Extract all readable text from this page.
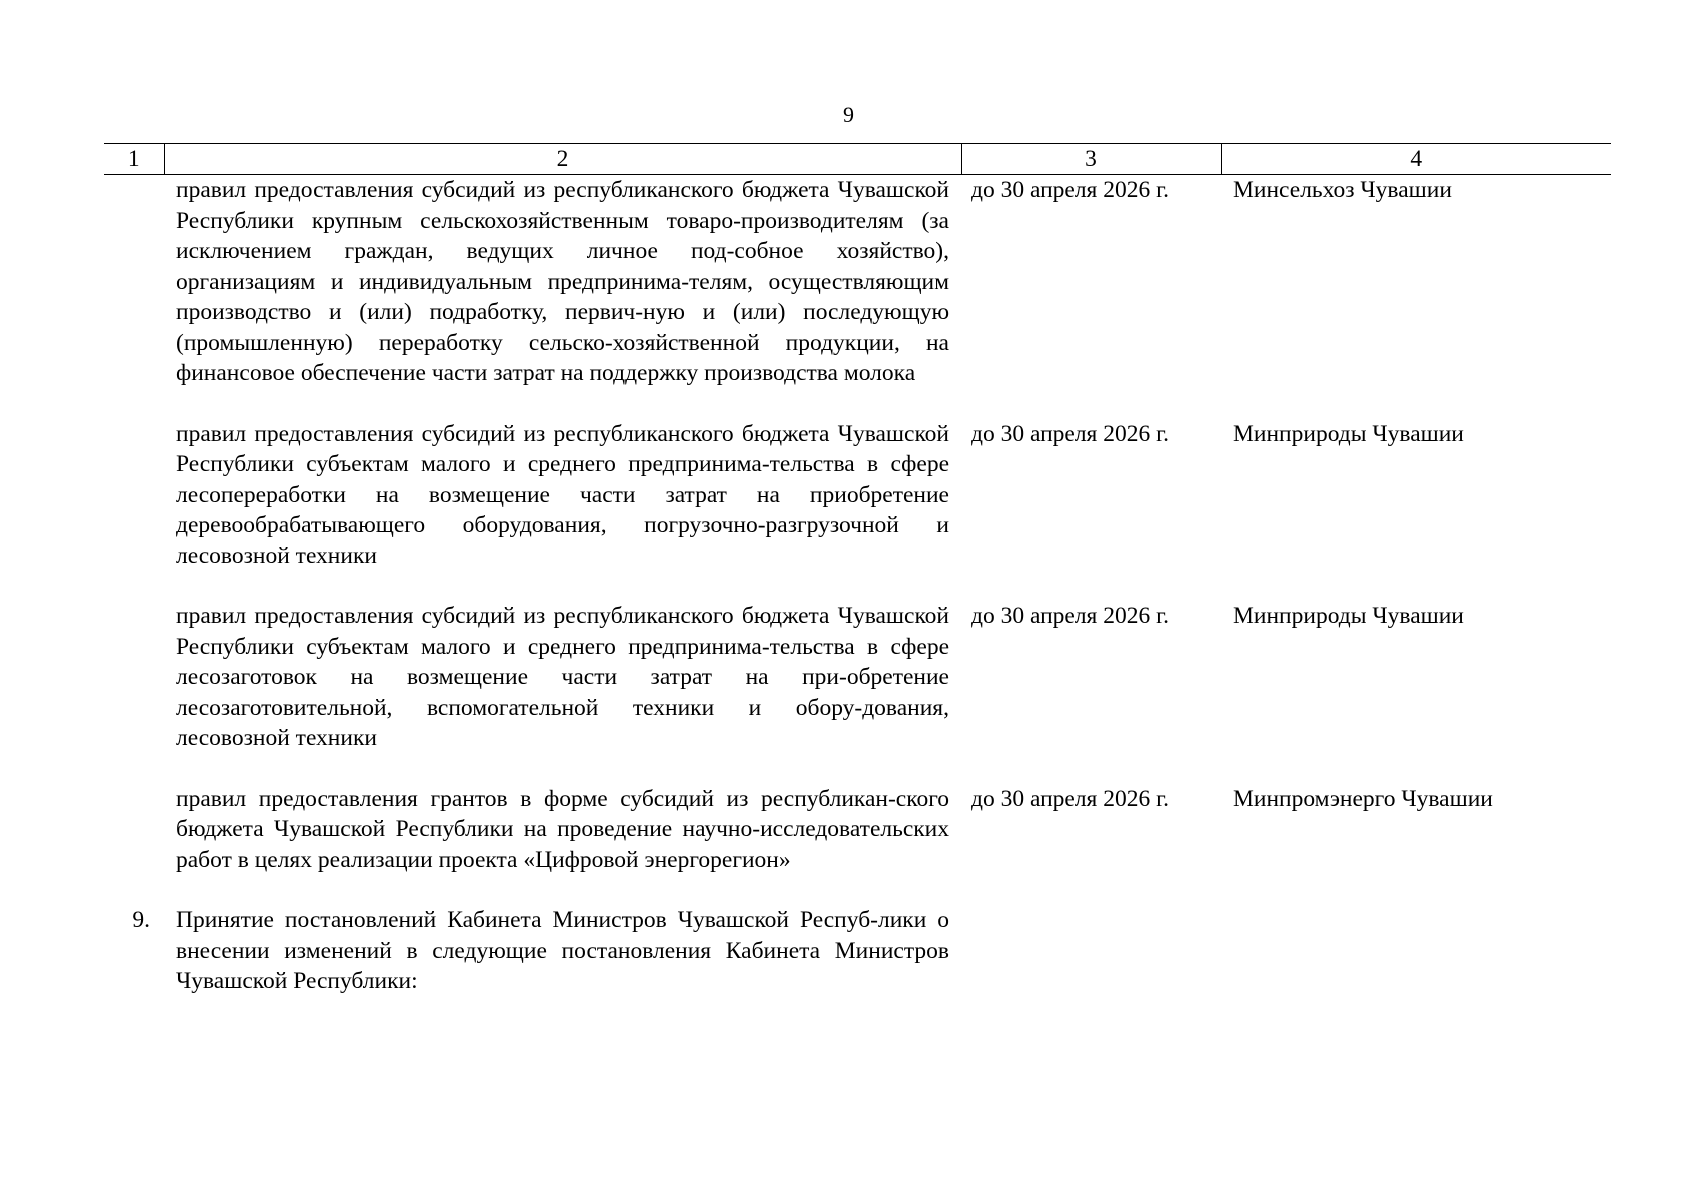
9
1	2	3	4
	правил предоставления субсидий из республиканского бюджета Чувашской Республики крупным сельскохозяйственным товаро-производителям (за исключением граждан, ведущих личное под-собное хозяйство), организациям и индивидуальным предпринима-телям, осуществляющим производство и (или) подработку, первич-ную и (или) последующую (промышленную) переработку сельско-хозяйственной продукции, на финансовое обеспечение части затрат на поддержку производства молока	до 30 апреля 2026 г.	Минсельхоз Чувашии
	правил предоставления субсидий из республиканского бюджета Чувашской Республики субъектам малого и среднего предпринима-тельства в сфере лесопереработки на возмещение части затрат на приобретение деревообрабатывающего оборудования, погрузочно-разгрузочной и лесовозной техники	до 30 апреля 2026 г.	Минприроды Чувашии
	правил предоставления субсидий из республиканского бюджета Чувашской Республики субъектам малого и среднего предпринима-тельства в сфере лесозаготовок на возмещение части затрат на при-обретение лесозаготовительной, вспомогательной техники и обору-дования, лесовозной техники	до 30 апреля 2026 г.	Минприроды Чувашии
	правил предоставления грантов в форме субсидий из республикан-ского бюджета Чувашской Республики на проведение научно-исследовательских работ в целях реализации проекта «Цифровой энергорегион»	до 30 апреля 2026 г.	Минпромэнерго Чувашии
9.	Принятие постановлений Кабинета Министров Чувашской Респуб-лики о внесении изменений в следующие постановления Кабинета Министров Чувашской Республики:		
